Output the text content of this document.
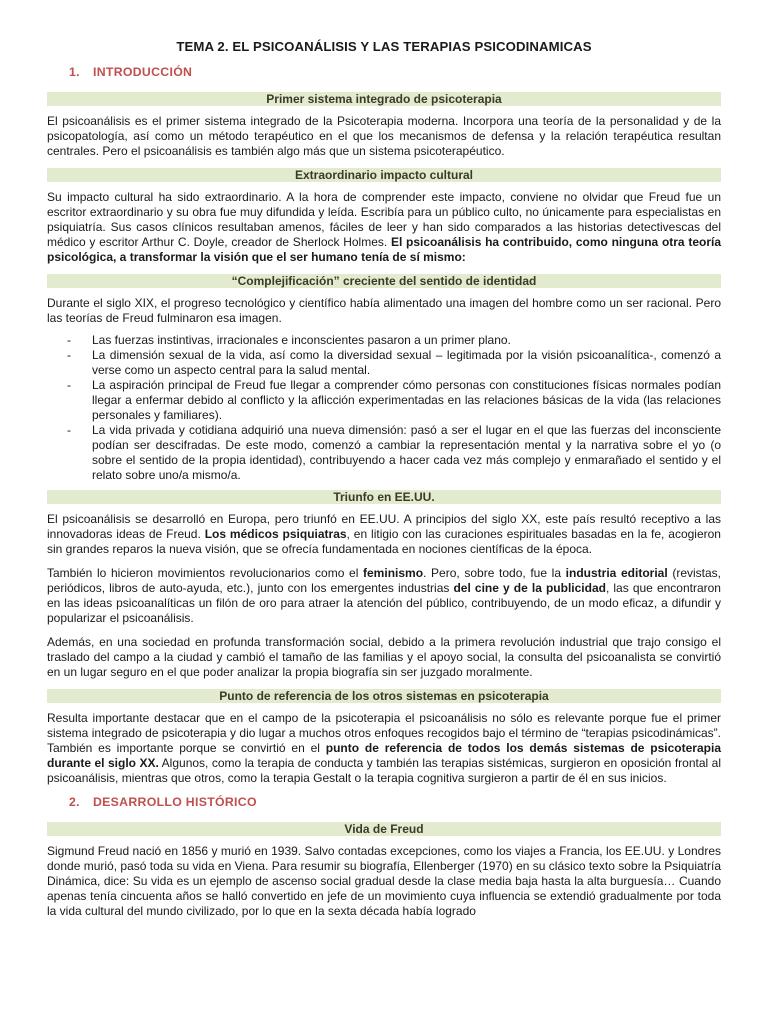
TEMA 2. EL PSICOANÁLISIS Y LAS TERAPIAS PSICODINAMICAS
1. INTRODUCCIÓN
Primer sistema integrado de psicoterapia

El psicoanálisis es el primer sistema integrado de la Psicoterapia moderna. Incorpora una teoría de la personalidad y de la psicopatología, así como un método terapéutico en el que los mecanismos de defensa y la relación terapéutica resultan centrales. Pero el psicoanálisis es también algo más que un sistema psicoterapéutico.

Extraordinario impacto cultural

Su impacto cultural ha sido extraordinario. A la hora de comprender este impacto, conviene no olvidar que Freud fue un escritor extraordinario y su obra fue muy difundida y leída. Escribía para un público culto, no únicamente para especialistas en psiquiatría. Sus casos clínicos resultaban amenos, fáciles de leer y han sido comparados a las historias detectivescas del médico y escritor Arthur C. Doyle, creador de Sherlock Holmes. El psicoanálisis ha contribuido, como ninguna otra teoría psicológica, a transformar la visión que el ser humano tenía de sí mismo:

“Complejificación” creciente del sentido de identidad

Durante el siglo XIX, el progreso tecnológico y científico había alimentado una imagen del hombre como un ser racional. Pero las teorías de Freud fulminaron esa imagen.

- Las fuerzas instintivas, irracionales e inconscientes pasaron a un primer plano.
- La dimensión sexual de la vida, así como la diversidad sexual – legitimada por la visión psicoanalítica-, comenzó a verse como un aspecto central para la salud mental.
- La aspiración principal de Freud fue llegar a comprender cómo personas con constituciones físicas normales podían llegar a enfermar debido al conflicto y la aflicción experimentadas en las relaciones básicas de la vida (las relaciones personales y familiares).
- La vida privada y cotidiana adquirió una nueva dimensión: pasó a ser el lugar en el que las fuerzas del inconsciente podían ser descifradas. De este modo, comenzó a cambiar la representación mental y la narrativa sobre el yo (o sobre el sentido de la propia identidad), contribuyendo a hacer cada vez más complejo y enmarañado el sentido y el relato sobre uno/a mismo/a.
Triunfo en EE.UU.

El psicoanálisis se desarrolló en Europa, pero triunfó en EE.UU. A principios del siglo XX, este país resultó receptivo a las innovadoras ideas de Freud. Los médicos psiquiatras, en litigio con las curaciones espirituales basadas en la fe, acogieron sin grandes reparos la nueva visión, que se ofrecía fundamentada en nociones científicas de la época.

También lo hicieron movimientos revolucionarios como el feminismo. Pero, sobre todo, fue la industria editorial (revistas, periódicos, libros de auto-ayuda, etc.), junto con los emergentes industrias del cine y de la publicidad, las que encontraron en las ideas psicoanalíticas un filón de oro para atraer la atención del público, contribuyendo, de un modo eficaz, a difundir y popularizar el psicoanálisis.

Además, en una sociedad en profunda transformación social, debido a la primera revolución industrial que trajo consigo el traslado del campo a la ciudad y cambió el tamaño de las familias y el apoyo social, la consulta del psicoanalista se convirtió en un lugar seguro en el que poder analizar la propia biografía sin ser juzgado moralmente.

Punto de referencia de los otros sistemas en psicoterapia

Resulta importante destacar que en el campo de la psicoterapia el psicoanálisis no sólo es relevante porque fue el primer sistema integrado de psicoterapia y dio lugar a muchos otros enfoques recogidos bajo el término de “terapias psicodinámicas”. También es importante porque se convirtió en el punto de referencia de todos los demás sistemas de psicoterapia durante el siglo XX. Algunos, como la terapia de conducta y también las terapias sistémicas, surgieron en oposición frontal al psicoanálisis, mientras que otros, como la terapia Gestalt o la terapia cognitiva surgieron a partir de él en sus inicios.

2. DESARROLLO HISTÓRICO
Vida de Freud

Sigmund Freud nació en 1856 y murió en 1939. Salvo contadas excepciones, como los viajes a Francia, los EE.UU. y Londres donde murió, pasó toda su vida en Viena. Para resumir su biografía, Ellenberger (1970) en su clásico texto sobre la Psiquiatría Dinámica, dice: Su vida es un ejemplo de ascenso social gradual desde la clase media baja hasta la alta burguesía… Cuando apenas tenía cincuenta años se halló convertido en jefe de un movimiento cuya influencia se extendió gradualmente por toda la vida cultural del mundo civilizado, por lo que en la sexta década había logrado
